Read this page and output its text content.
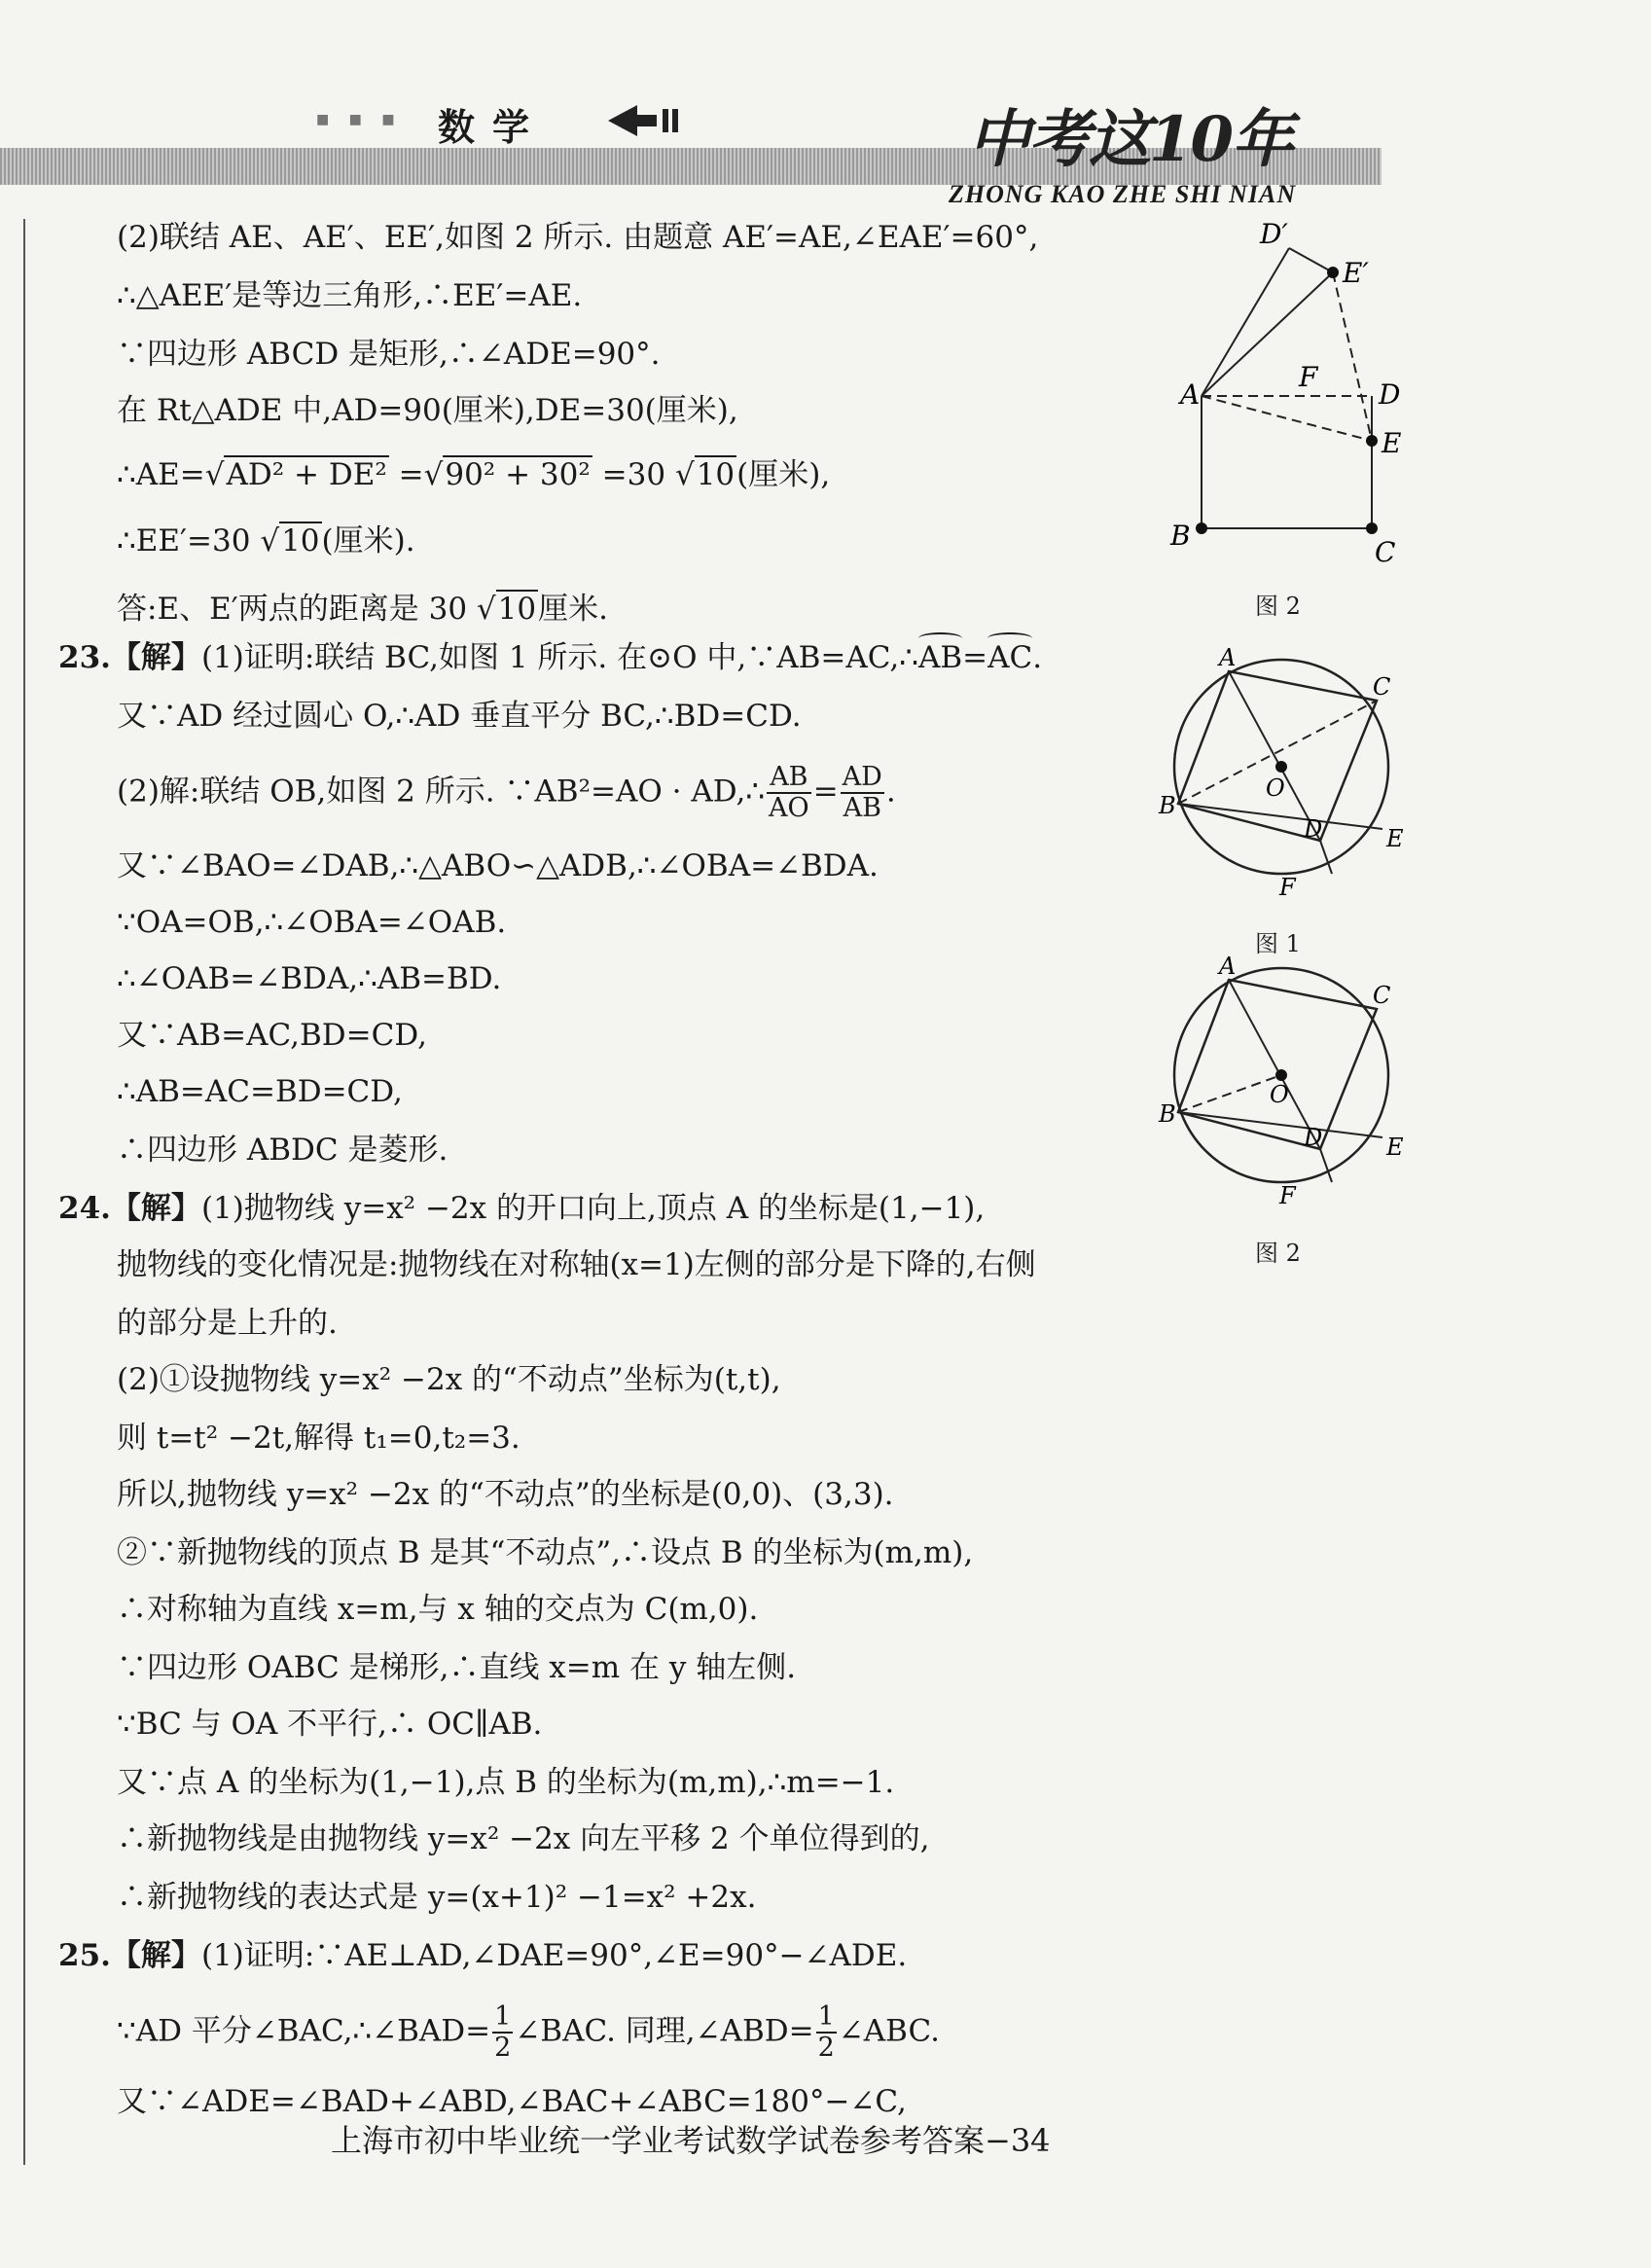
■ ■ ■ 数学	中考这10年
ZHONG KAO ZHE SHI NIAN
(2)联结 AE、AE′、EE′,如图 2 所示. 由题意 AE′=AE,∠EAE′=60°,
∴△AEE′是等边三角形,∴EE′=AE.
∵四边形 ABCD 是矩形,∴∠ADE=90°.
在 Rt△ADE 中,AD=90(厘米),DE=30(厘米),
∴AE=√AD² + DE² =√90² + 30² =30 √10(厘米),
∴EE′=30 √10(厘米).
答:E、E′两点的距离是 30 √10厘米.
23.【解】(1)证明:联结 BC,如图 1 所示. 在⊙O 中,∵AB=AC,∴
AB=
AC.
又∵AD 经过圆心 O,∴AD 垂直平分 BC,∴BD=CD.
(2)解:联结 OB,如图 2 所示. ∵AB²=AO · AD,∴ $\frac{AB}{AO} = \frac{AD}{AB}$ .
又∵∠BAO=∠DAB,∴△ABO∽△ADB,∴∠OBA=∠BDA.
∵OA=OB,∴∠OBA=∠OAB.
∴∠OAB=∠BDA,∴AB=BD.
又∵AB=AC,BD=CD,
∴AB=AC=BD=CD,
∴四边形 ABDC 是菱形.
24.【解】(1)抛物线 y=x² −2x 的开口向上,顶点 A 的坐标是(1,−1),
抛物线的变化情况是:抛物线在对称轴(x=1)左侧的部分是下降的,右侧
的部分是上升的.
(2)①设抛物线 y=x² −2x 的“不动点”坐标为(t,t),
则 t=t² −2t,解得 t₁=0,t₂=3.
所以,抛物线 y=x² −2x 的“不动点”的坐标是(0,0)、(3,3).
②∵新抛物线的顶点 B 是其“不动点”,∴设点 B 的坐标为(m,m),
∴对称轴为直线 x=m,与 x 轴的交点为 C(m,0).
∵四边形 OABC 是梯形,∴直线 x=m 在 y 轴左侧.
∵BC 与 OA 不平行,∴ OC∥AB.
又∵点 A 的坐标为(1,−1),点 B 的坐标为(m,m),∴m=−1.
∴新抛物线是由抛物线 y=x² −2x 向左平移 2 个单位得到的,
∴新抛物线的表达式是 y=(x+1)² −1=x² +2x.
25.【解】(1)证明:∵AE⊥AD,∠DAE=90°,∠E=90°−∠ADE.
∵AD 平分∠BAC,∴∠BAD= $\frac{1}{2}$ ∠BAC. 同理,∠ABD= $\frac{1}{2}$ ∠ABC.
又∵∠ADE=∠BAD+∠ABD,∠BAC+∠ABC=180°−∠C,
D′
E′
A
F
D
E
B
C
图 2
A
C
B
O
D	E
F
图 1
A
C
B
O
D	E
F
图 2
上海市初中毕业统一学业考试数学试卷参考答案−34
